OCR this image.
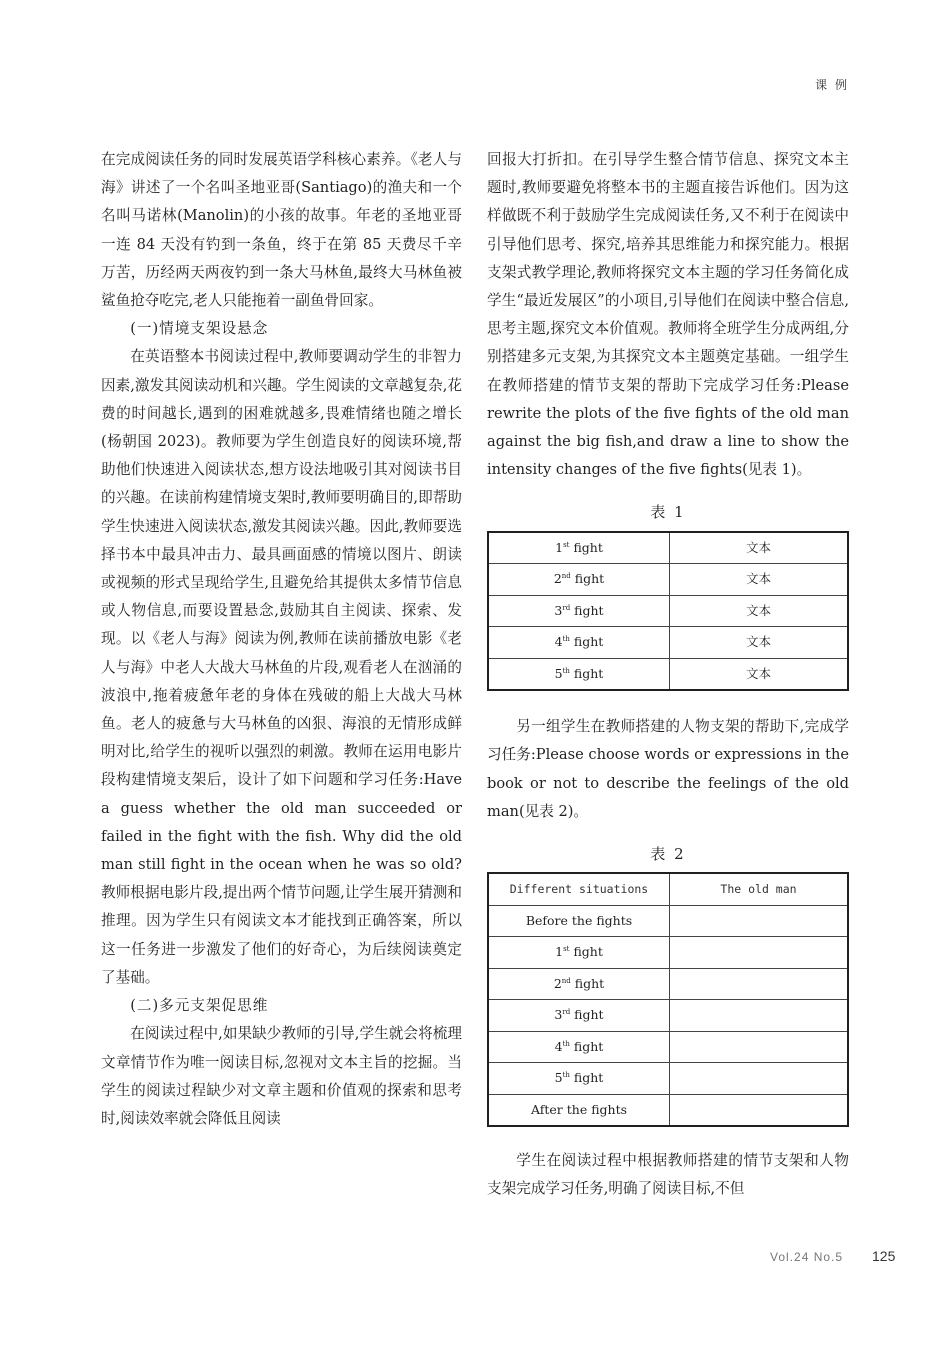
课 例

在完成阅读任务的同时发展英语学科核心素养。《老人与海》讲述了一个名叫圣地亚哥(Santiago)的渔夫和一个名叫马诺林(Manolin)的小孩的故事。年老的圣地亚哥一连 84 天没有钓到一条鱼，终于在第 85 天费尽千辛万苦，历经两天两夜钓到一条大马林鱼,最终大马林鱼被鲨鱼抢夺吃完,老人只能拖着一副鱼骨回家。

(一)情境支架设悬念

在英语整本书阅读过程中,教师要调动学生的非智力因素,激发其阅读动机和兴趣。学生阅读的文章越复杂,花费的时间越长,遇到的困难就越多,畏难情绪也随之增长(杨朝国 2023)。教师要为学生创造良好的阅读环境,帮助他们快速进入阅读状态,想方设法地吸引其对阅读书目的兴趣。在读前构建情境支架时,教师要明确目的,即帮助学生快速进入阅读状态,激发其阅读兴趣。因此,教师要选择书本中最具冲击力、最具画面感的情境以图片、朗读或视频的形式呈现给学生,且避免给其提供太多情节信息或人物信息,而要设置悬念,鼓励其自主阅读、探索、发现。以《老人与海》阅读为例,教师在读前播放电影《老人与海》中老人大战大马林鱼的片段,观看老人在汹涌的波浪中,拖着疲惫年老的身体在残破的船上大战大马林鱼。老人的疲惫与大马林鱼的凶狠、海浪的无情形成鲜明对比,给学生的视听以强烈的刺激。教师在运用电影片段构建情境支架后，设计了如下问题和学习任务:Have a guess whether the old man succeeded or failed in the fight with the fish. Why did the old man still fight in the ocean when he was so old? 教师根据电影片段,提出两个情节问题,让学生展开猜测和推理。因为学生只有阅读文本才能找到正确答案，所以这一任务进一步激发了他们的好奇心，为后续阅读奠定了基础。

(二)多元支架促思维

在阅读过程中,如果缺少教师的引导,学生就会将梳理文章情节作为唯一阅读目标,忽视对文本主旨的挖掘。当学生的阅读过程缺少对文章主题和价值观的探索和思考时,阅读效率就会降低且阅读

回报大打折扣。在引导学生整合情节信息、探究文本主题时,教师要避免将整本书的主题直接告诉他们。因为这样做既不利于鼓励学生完成阅读任务,又不利于在阅读中引导他们思考、探究,培养其思维能力和探究能力。根据支架式教学理论,教师将探究文本主题的学习任务简化成学生“最近发展区”的小项目,引导他们在阅读中整合信息,思考主题,探究文本价值观。教师将全班学生分成两组,分别搭建多元支架,为其探究文本主题奠定基础。一组学生在教师搭建的情节支架的帮助下完成学习任务:Please rewrite the plots of the five fights of the old man against the big fish,and draw a line to show the intensity changes of the five fights(见表 1)。

表 1
1st fight	文本
2nd fight	文本
3rd fight	文本
4th fight	文本
5th fight	文本

另一组学生在教师搭建的人物支架的帮助下,完成学习任务:Please choose words or expressions in the book or not to describe the feelings of the old man(见表 2)。

表 2
Different situations	The old man
Before the fights	
1st fight	
2nd fight	
3rd fight	
4th fight	
5th fight	
After the fights	

学生在阅读过程中根据教师搭建的情节支架和人物支架完成学习任务,明确了阅读目标,不但

Vol.24 No.5 125
